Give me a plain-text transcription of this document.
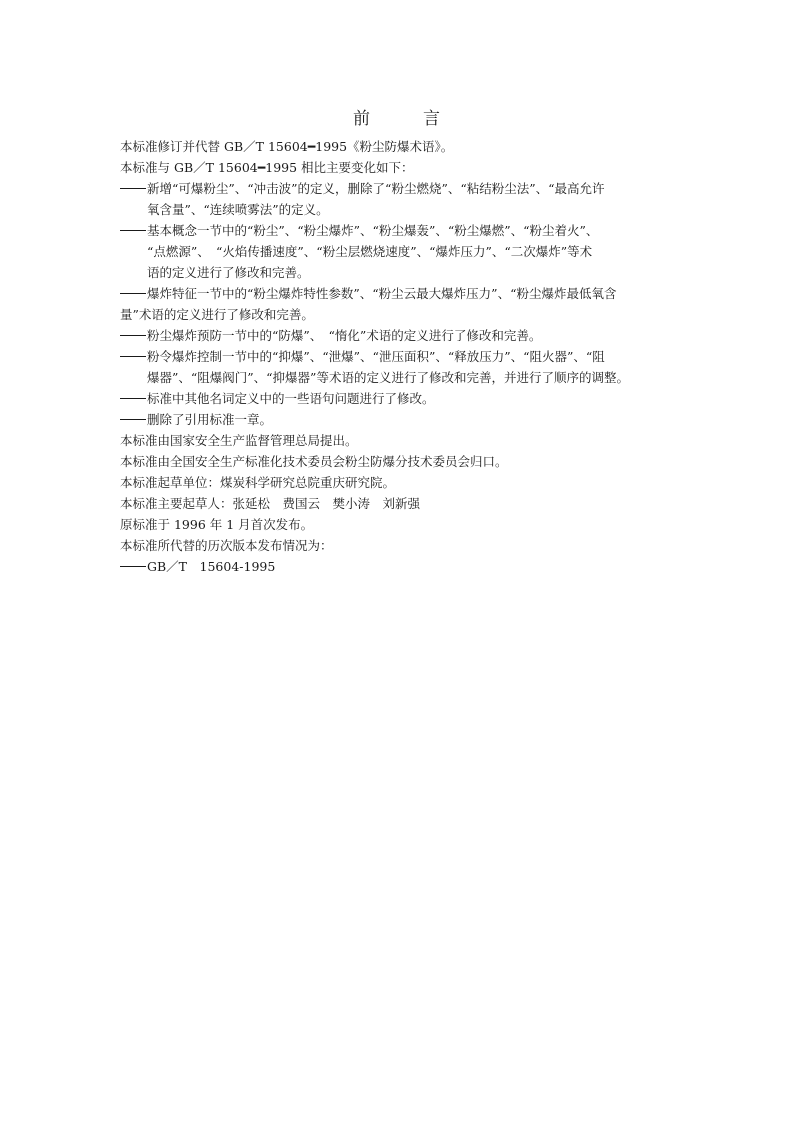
前　言
本标准修订并代替 GB／T 15604━1995《粉尘防爆术语》。
本标准与 GB／T 15604━1995 相比主要变化如下：
新增“可爆粉尘”、“冲击波”的定义，删除了“粉尘燃烧”、“粘结粉尘法”、“最高允许
氧含量”、“连续喷雾法”的定义。
基本概念一节中的“粉尘”、“粉尘爆炸”、“粉尘爆轰”、“粉尘爆燃”、“粉尘着火”、
“点燃源”、　“火焰传播速度”、“粉尘层燃烧速度”、“爆炸压力”、“二次爆炸”等术
语的定义进行了修改和完善。
爆炸特征一节中的“粉尘爆炸特性参数”、“粉尘云最大爆炸压力”、“粉尘爆炸最低氧含
量”术语的定义进行了修改和完善。
粉尘爆炸预防一节中的“防爆”、　“惰化”术语的定义进行了修改和完善。
粉令爆炸控制一节中的“抑爆”、“泄爆”、“泄压面积”、“释放压力”、“阻火器”、“阻
爆器”、“阻爆阀门”、“抑爆器”等术语的定义进行了修改和完善，并进行了顺序的调整。
标准中其他名词定义中的一些语句问题进行了修改。
删除了引用标准一章。
本标准由国家安全生产监督管理总局提出。
本标准由全国安全生产标准化技术委员会粉尘防爆分技术委员会归口。
本标准起草单位：煤炭科学研究总院重庆研究院。
本标准主要起草人：张延松　费国云　樊小涛　刘新强
原标准于 1996 年 1 月首次发布。
本标准所代替的历次版本发布情况为：
GB／T　15604-1995
